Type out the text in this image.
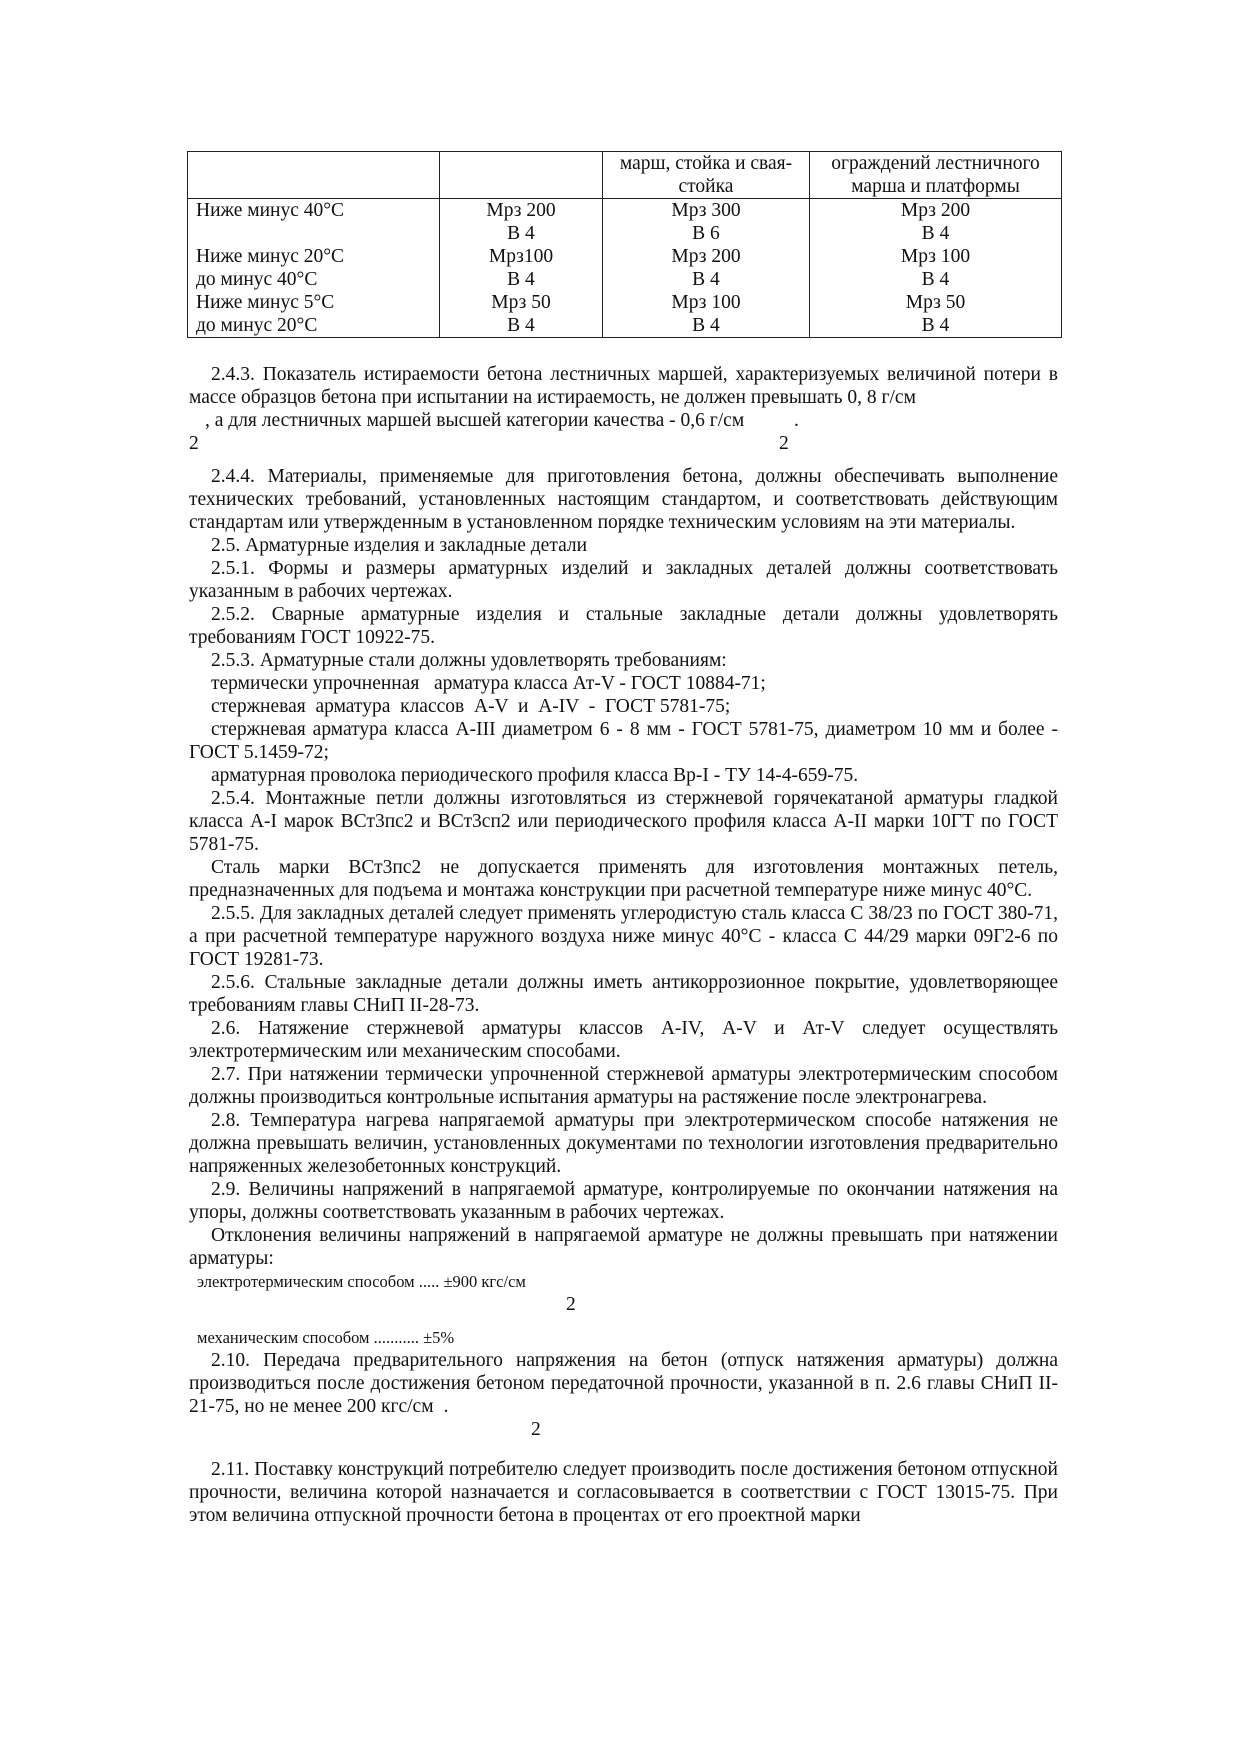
		марш, стойка и свая-стойка	ограждений лестничного марша и платформы
Ниже минус 40°С	Мрз 200	Мрз 300	Мрз 200
	В 4	В 6	В 4
Ниже минус 20°С	Мрз100	Мрз 200	Мрз 100
до минус 40°С	В 4	В 4	В 4
Ниже минус 5°С	Мрз 50	Мрз 100	Мрз 50
до минус 20°С	В 4	В 4	В 4

2.4.3. Показатель истираемости бетона лестничных маршей, характеризуемых величиной потери в массе образцов бетона при испытании на истираемость, не должен превышать 0, 8 г/см

, а для лестничных маршей высшей категории качества - 0,6 г/см	.
2	2

2.4.4. Материалы, применяемые для приготовления бетона, должны обеспечивать выполнение технических требований, установленных настоящим стандартом, и соответствовать действующим стандартам или утвержденным в установленном порядке техническим условиям на эти материалы.

2.5. Арматурные изделия и закладные детали

2.5.1. Формы и размеры арматурных изделий и закладных деталей должны соответствовать указанным в рабочих чертежах.

2.5.2. Сварные арматурные изделия и стальные закладные детали должны удовлетворять требованиям ГОСТ 10922-75.

2.5.3. Арматурные стали должны удовлетворять требованиям:

термически упрочненная   арматура класса Ат-V - ГОСТ 10884-71;

стержневая  арматура  классов  А-V  и  А-IV  -  ГОСТ 5781-75;

стержневая арматура класса А-III диаметром 6 - 8 мм - ГОСТ 5781-75, диаметром 10 мм и более - ГОСТ 5.1459-72;

арматурная проволока периодического профиля класса Вр-I - ТУ 14-4-659-75.

2.5.4. Монтажные петли должны изготовляться из стержневой горячекатаной арматуры гладкой класса А-I марок ВСт3пс2 и ВСт3сп2 или периодического профиля класса А-II марки 10ГТ по ГОСТ 5781-75.

Сталь марки ВСт3пс2 не допускается применять для изготовления монтажных петель, предназначенных для подъема и монтажа конструкции при расчетной температуре ниже минус 40°С.

2.5.5. Для закладных деталей следует применять углеродистую сталь класса С 38/23 по ГОСТ 380-71, а при расчетной температуре наружного воздуха ниже минус 40°С - класса С 44/29 марки 09Г2-6 по ГОСТ 19281-73.

2.5.6. Стальные закладные детали должны иметь антикоррозионное покрытие, удовлетворяющее требованиям главы СНиП II-28-73.

2.6. Натяжение стержневой арматуры классов А-IV, А-V и Ат-V следует осуществлять электротермическим или механическим способами.

2.7. При натяжении термически упрочненной стержневой арматуры электротермическим способом должны производиться контрольные испытания арматуры на растяжение после электронагрева.

2.8. Температура нагрева напрягаемой арматуры при электротермическом способе натяжения не должна превышать величин, установленных документами по технологии изготовления предварительно напряженных железобетонных конструкций.

2.9. Величины напряжений в напрягаемой арматуре, контролируемые по окончании натяжения на упоры, должны соответствовать указанным в рабочих чертежах.

Отклонения величины напряжений в напрягаемой арматуре не должны превышать при натяжении арматуры:

электротермическим способом ..... ±900 кгс/см

2

механическим способом ........... ±5%

2.10. Передача предварительного напряжения на бетон (отпуск натяжения арматуры) должна производиться после достижения бетоном передаточной прочности, указанной в п. 2.6 главы СНиП II-21-75, но не менее 200 кгс/см .

2

2.11. Поставку конструкций потребителю следует производить после достижения бетоном отпускной прочности, величина которой назначается и согласовывается в соответствии с ГОСТ 13015-75. При этом величина отпускной прочности бетона в процентах от его проектной марки
